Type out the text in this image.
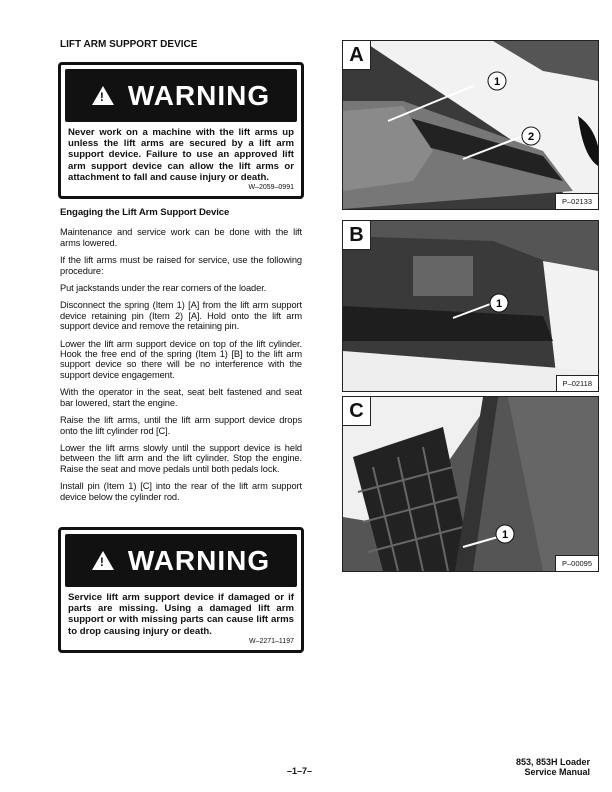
LIFT ARM SUPPORT DEVICE
! WARNING
Never work on a machine with the lift arms up unless the lift arms are secured by a lift arm support device. Failure to use an approved lift arm support device can allow the lift arms or attachment to fall and cause injury or death.
W–2059–0991

Engaging the Lift Arm Support Device

Maintenance and service work can be done with the lift arms lowered.

If the lift arms must be raised for service, use the following procedure:

Put jackstands under the rear corners of the loader.

Disconnect the spring (Item 1) [A] from the lift arm support device retaining pin (Item 2) [A]. Hold onto the lift arm support device and remove the retaining pin.

Lower the lift arm support device on top of the lift cylinder. Hook the free end of the spring (Item 1) [B] to the lift arm support device so there will be no interference with the support device engagement.

With the operator in the seat, seat belt fastened and seat bar lowered, start the engine.

Raise the lift arms, until the lift arm support device drops onto the lift cylinder rod [C].

Lower the lift arms slowly until the support device is held between the lift arm and the lift cylinder. Stop the engine. Raise the seat and move pedals until both pedals lock.

Install pin (Item 1) [C] into the rear of the lift arm support device below the cylinder rod.

! WARNING
Service lift arm support device if damaged or if parts are missing. Using a damaged lift arm support or with missing parts can cause lift arms to drop causing injury or death.
W–2271–1197
1
2
A
P–02133
1
B
P–02118
1
C
P–00095
–1–7–
853, 853H Loader
Service Manual
